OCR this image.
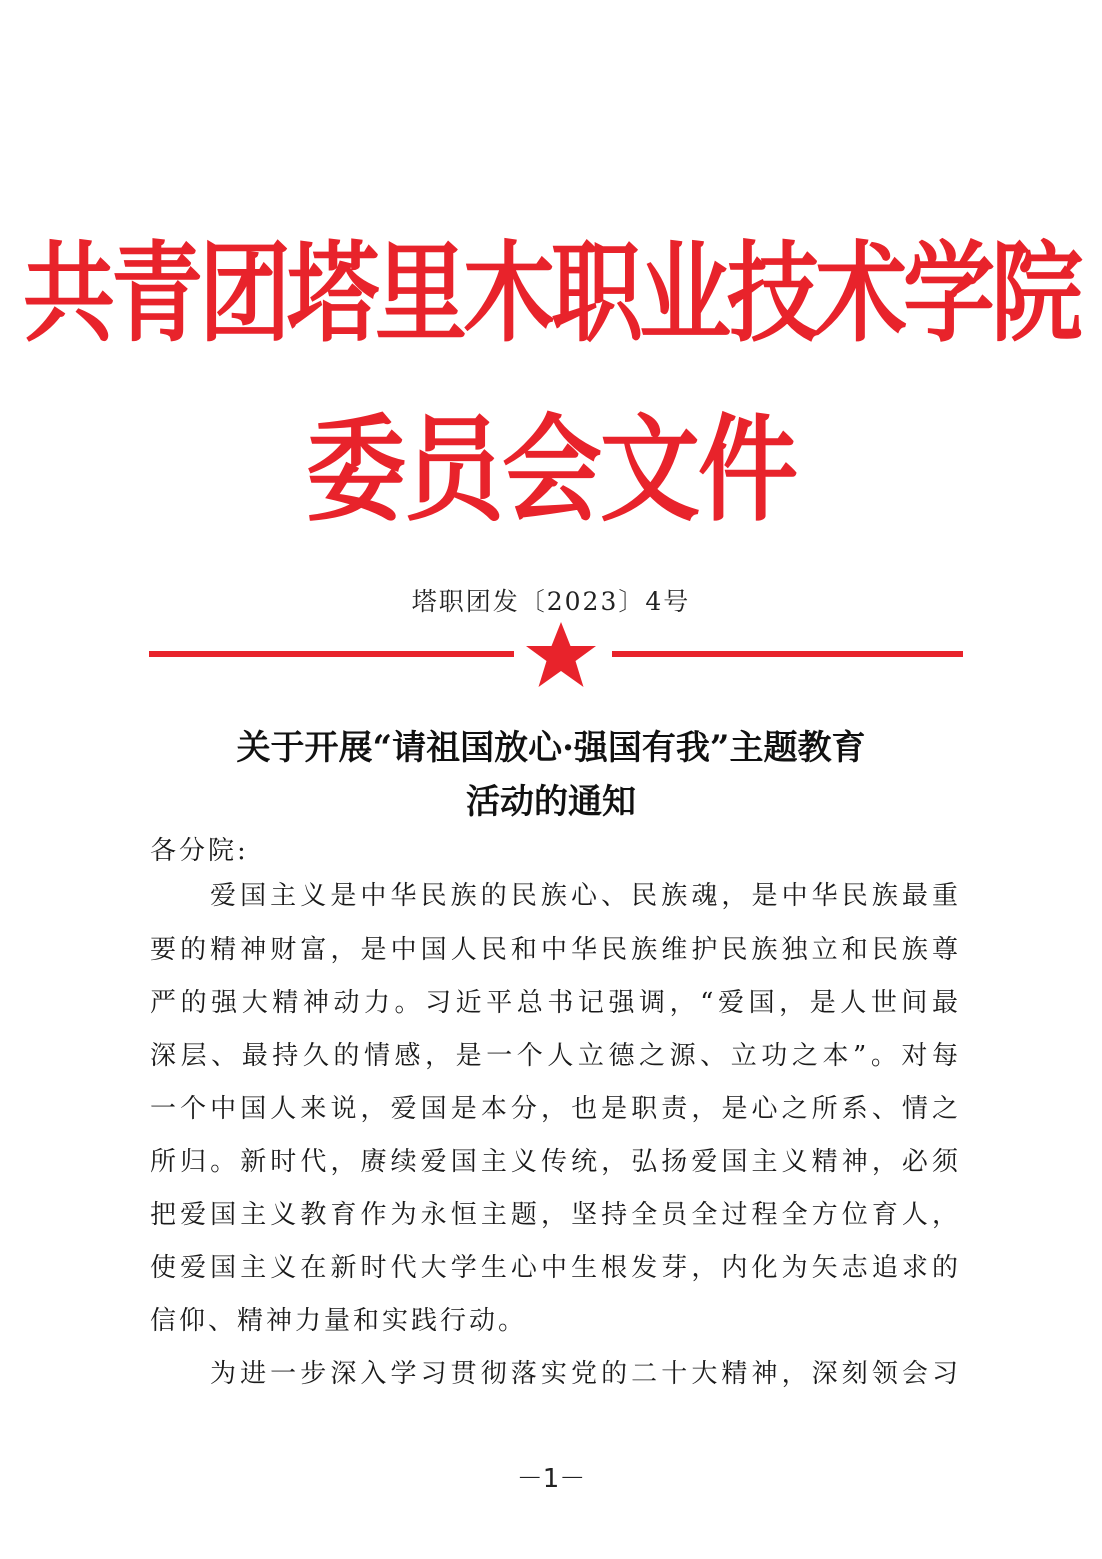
共青团塔里木职业技术学院
委员会文件
塔职团发〔2023〕4号
关于开展“请祖国放心·强国有我”主题教育
活动的通知
各分院:
爱国主义是中华民族的民族心、民族魂，是中华民族最重
要的精神财富，是中国人民和中华民族维护民族独立和民族尊
严的强大精神动力。习近平总书记强调，“爱国，是人世间最
深层、最持久的情感，是一个人立德之源、立功之本”。对每
一个中国人来说，爱国是本分，也是职责，是心之所系、情之
所归。新时代，赓续爱国主义传统，弘扬爱国主义精神，必须
把爱国主义教育作为永恒主题，坚持全员全过程全方位育人，
使爱国主义在新时代大学生心中生根发芽，内化为矢志追求的
信仰、精神力量和实践行动。
为进一步深入学习贯彻落实党的二十大精神，深刻领会习
－1－
